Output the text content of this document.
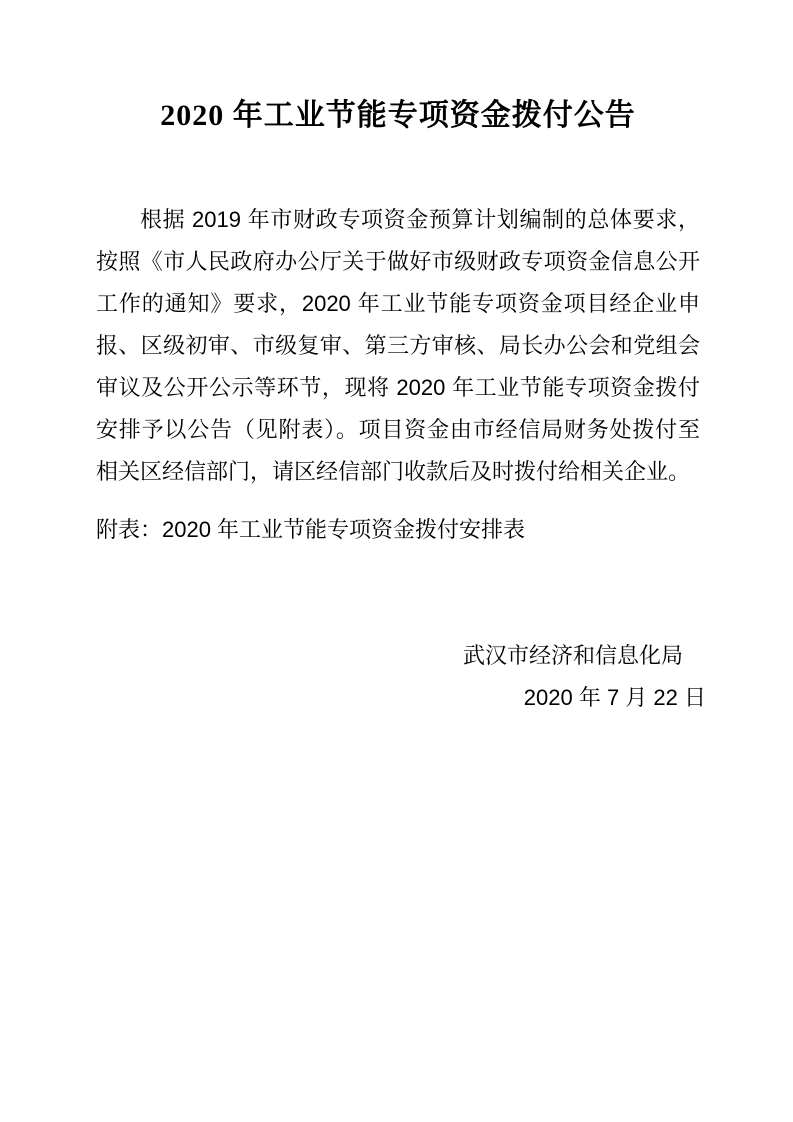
2020 年工业节能专项资金拨付公告

根据 2019 年市财政专项资金预算计划编制的总体要求，按照《市人民政府办公厅关于做好市级财政专项资金信息公开工作的通知》要求，2020 年工业节能专项资金项目经企业申报、区级初审、市级复审、第三方审核、局长办公会和党组会审议及公开公示等环节，现将 2020 年工业节能专项资金拨付安排予以公告（见附表）。项目资金由市经信局财务处拨付至相关区经信部门，请区经信部门收款后及时拨付给相关企业。

附表：2020 年工业节能专项资金拨付安排表

武汉市经济和信息化局
2020 年 7 月 22 日
